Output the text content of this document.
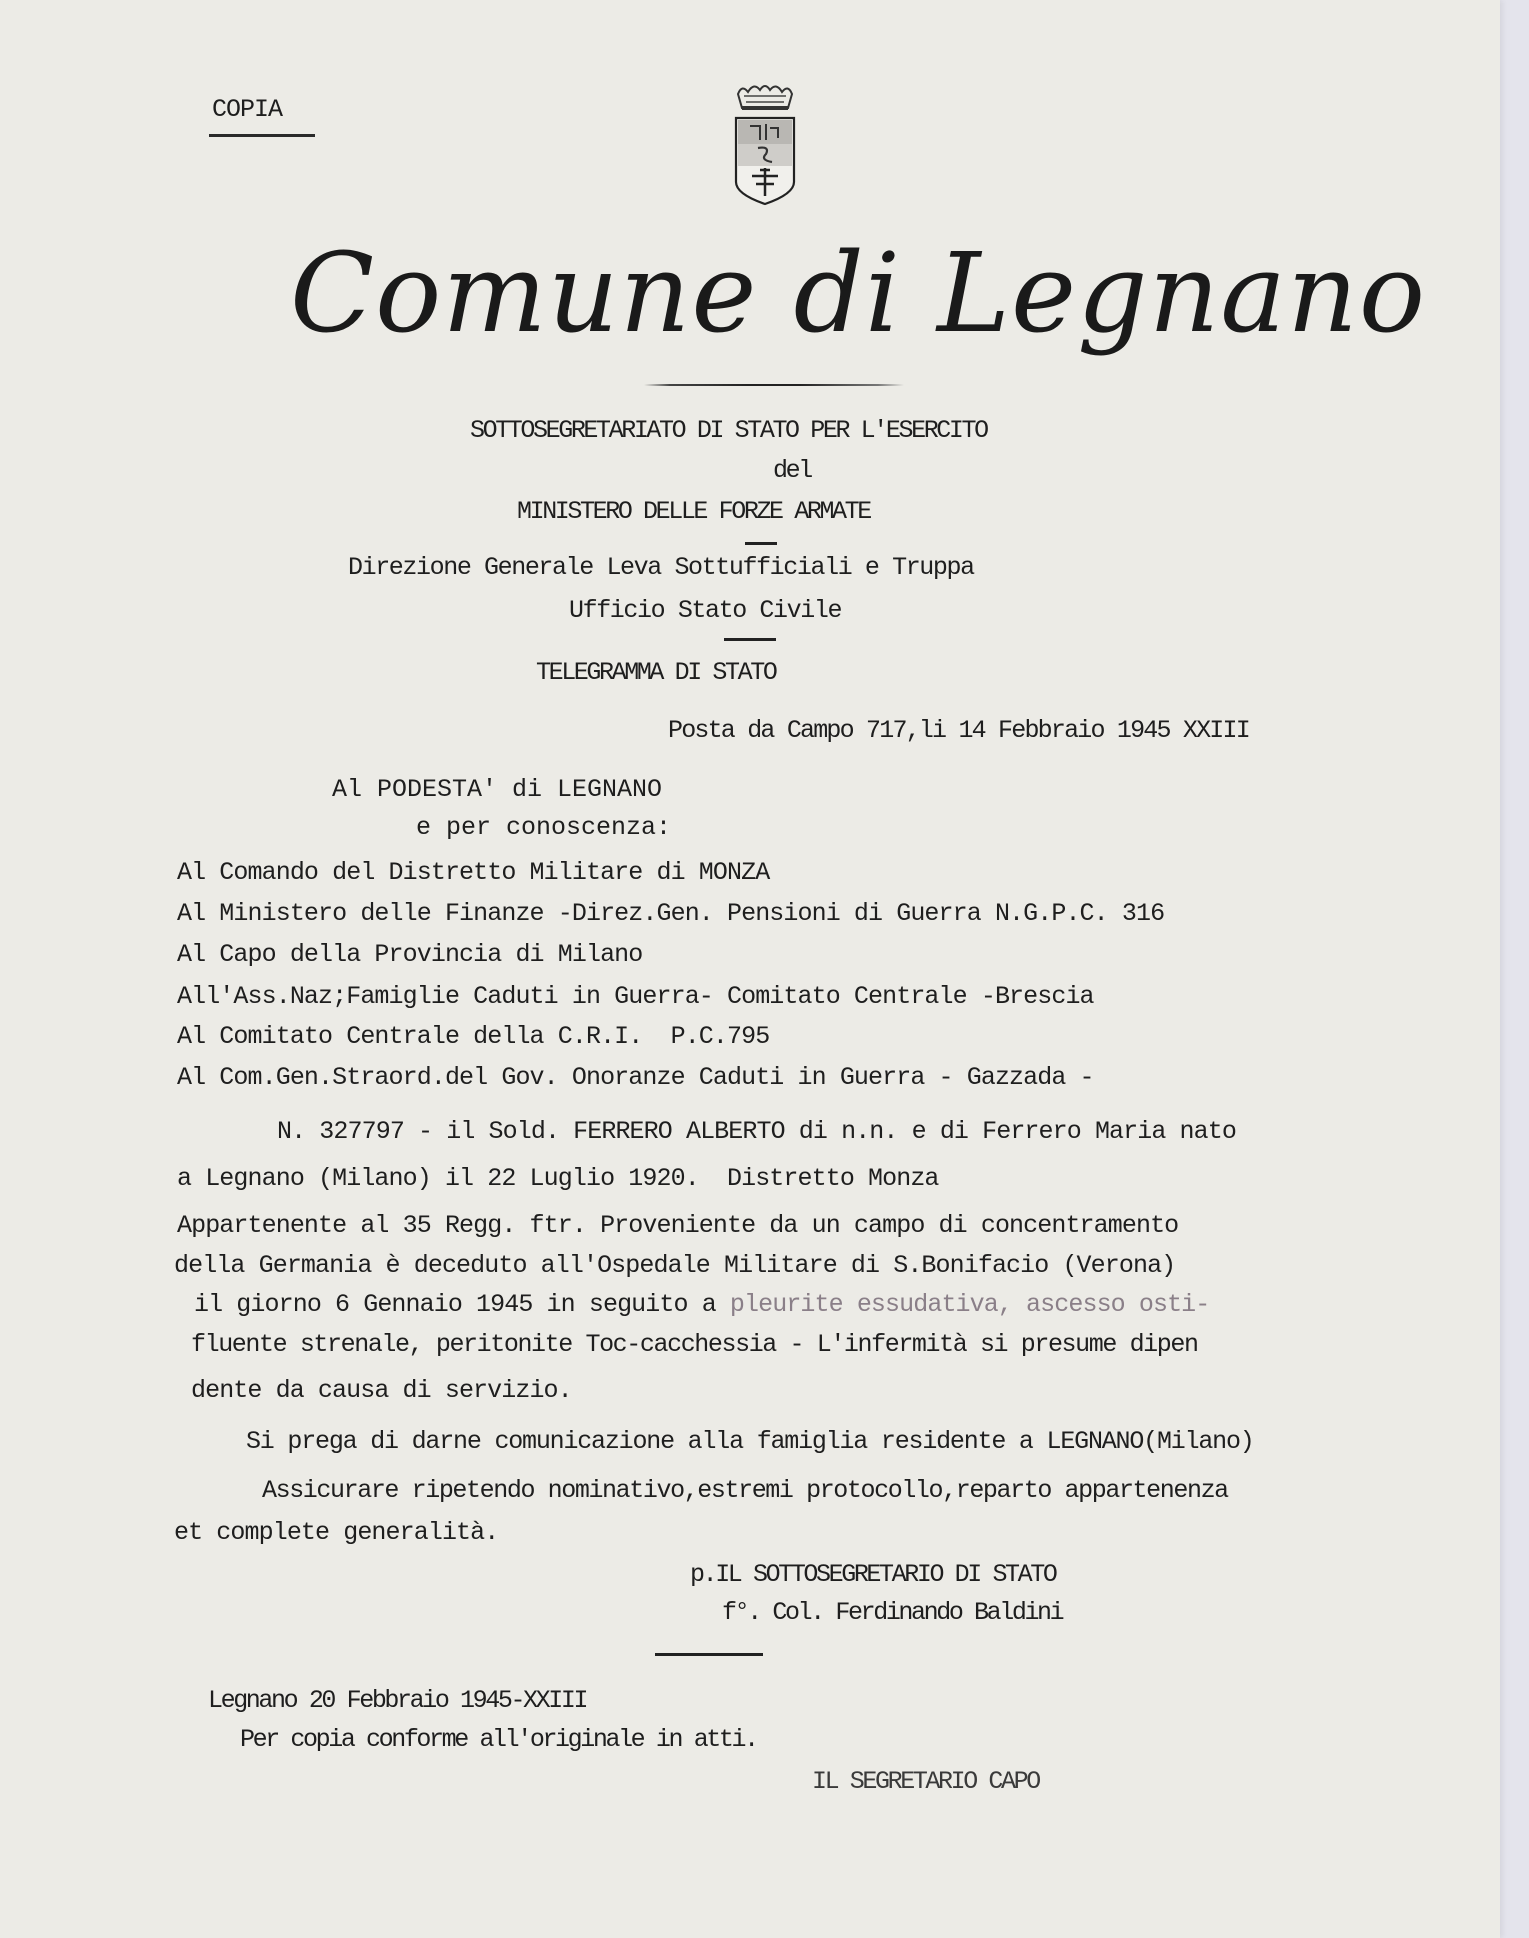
COPIA
Comune di Legnano
SOTTOSEGRETARIATO DI STATO PER L'ESERCITO
del
MINISTERO DELLE FORZE ARMATE
Direzione Generale Leva Sottufficiali e Truppa
Ufficio Stato Civile
TELEGRAMMA DI STATO
Posta da Campo 717,li 14 Febbraio 1945 XXIII
Al PODESTA' di LEGNANO
e per conoscenza:
Al Comando del Distretto Militare di MONZA
Al Ministero delle Finanze -Direz.Gen. Pensioni di Guerra N.G.P.C. 316
Al Capo della Provincia di Milano
All'Ass.Naz;Famiglie Caduti in Guerra- Comitato Centrale -Brescia
Al Comitato Centrale della C.R.I.  P.C.795
Al Com.Gen.Straord.del Gov. Onoranze Caduti in Guerra - Gazzada -
N. 327797 - il Sold. FERRERO ALBERTO di n.n. e di Ferrero Maria nato
a Legnano (Milano) il 22 Luglio 1920.  Distretto Monza
Appartenente al 35 Regg. ftr. Proveniente da un campo di concentramento
della Germania è deceduto all'Ospedale Militare di S.Bonifacio (Verona)
il giorno 6 Gennaio 1945 in seguito a pleurite essudativa, ascesso osti-
fluente strenale, peritonite Toc-cacchessia - L'infermità si presume dipen
dente da causa di servizio.
Si prega di darne comunicazione alla famiglia residente a LEGNANO(Milano)
Assicurare ripetendo nominativo,estremi protocollo,reparto appartenenza
et complete generalità.
p.IL SOTTOSEGRETARIO DI STATO
f°. Col. Ferdinando Baldini
Legnano 20 Febbraio 1945-XXIII
Per copia conforme all'originale in atti.
IL SEGRETARIO CAPO
